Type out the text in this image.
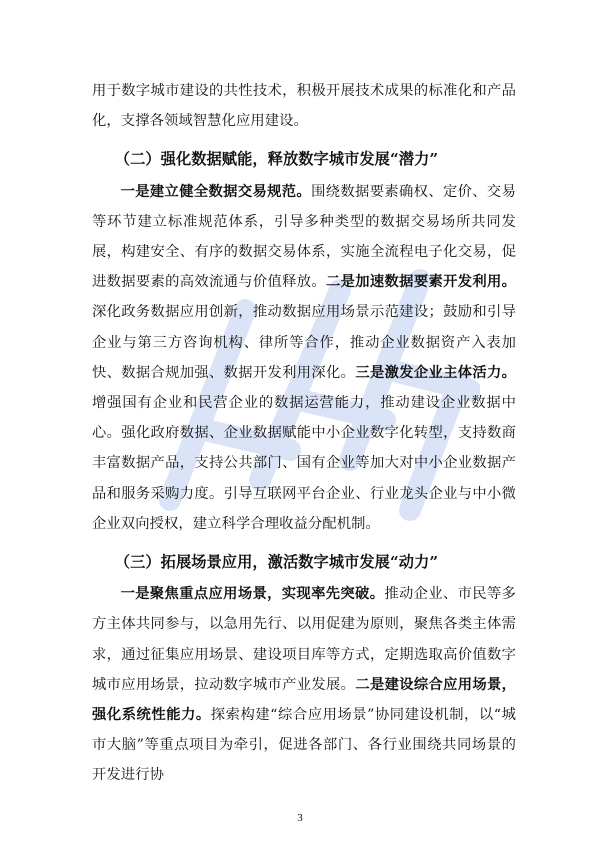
用于数字城市建设的共性技术，积极开展技术成果的标准化和产品化，支撑各领域智慧化应用建设。

（二）强化数据赋能，释放数字城市发展“潜力”

一是建立健全数据交易规范。围绕数据要素确权、定价、交易等环节建立标准规范体系，引导多种类型的数据交易场所共同发展，构建安全、有序的数据交易体系，实施全流程电子化交易，促进数据要素的高效流通与价值释放。二是加速数据要素开发利用。深化政务数据应用创新，推动数据应用场景示范建设；鼓励和引导企业与第三方咨询机构、律所等合作，推动企业数据资产入表加快、数据合规加强、数据开发利用深化。三是激发企业主体活力。增强国有企业和民营企业的数据运营能力，推动建设企业数据中心。强化政府数据、企业数据赋能中小企业数字化转型，支持数商丰富数据产品，支持公共部门、国有企业等加大对中小企业数据产品和服务采购力度。引导互联网平台企业、行业龙头企业与中小微企业双向授权，建立科学合理收益分配机制。

（三）拓展场景应用，激活数字城市发展“动力”

一是聚焦重点应用场景，实现率先突破。推动企业、市民等多方主体共同参与，以急用先行、以用促建为原则，聚焦各类主体需求，通过征集应用场景、建设项目库等方式，定期选取高价值数字城市应用场景，拉动数字城市产业发展。二是建设综合应用场景，强化系统性能力。探索构建“综合应用场景”协同建设机制，以“城市大脑”等重点项目为牵引，促进各部门、各行业围绕共同场景的开发进行协

3
